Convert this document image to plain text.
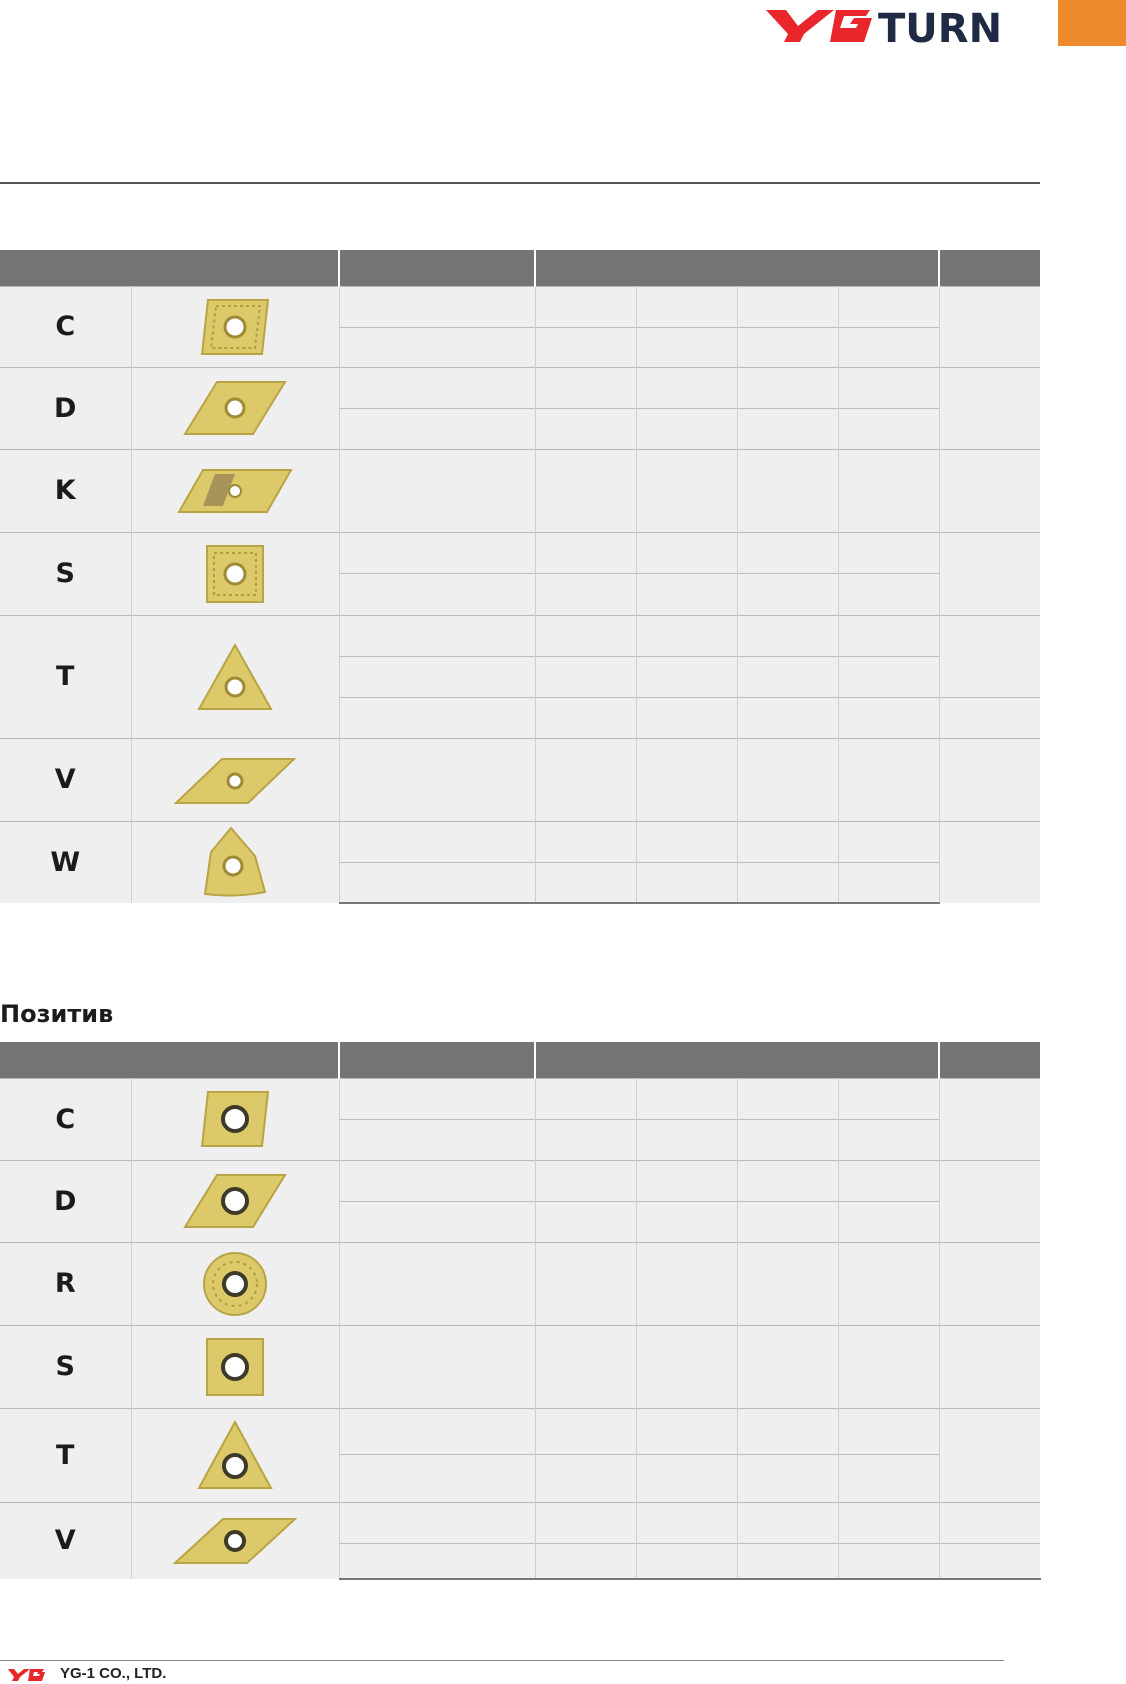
TURN

C	

D	

K	

S	

T	

V	

W	

Позитив

C	

D	

R	

S	

T	

V	

YG-1 CO., LTD.
